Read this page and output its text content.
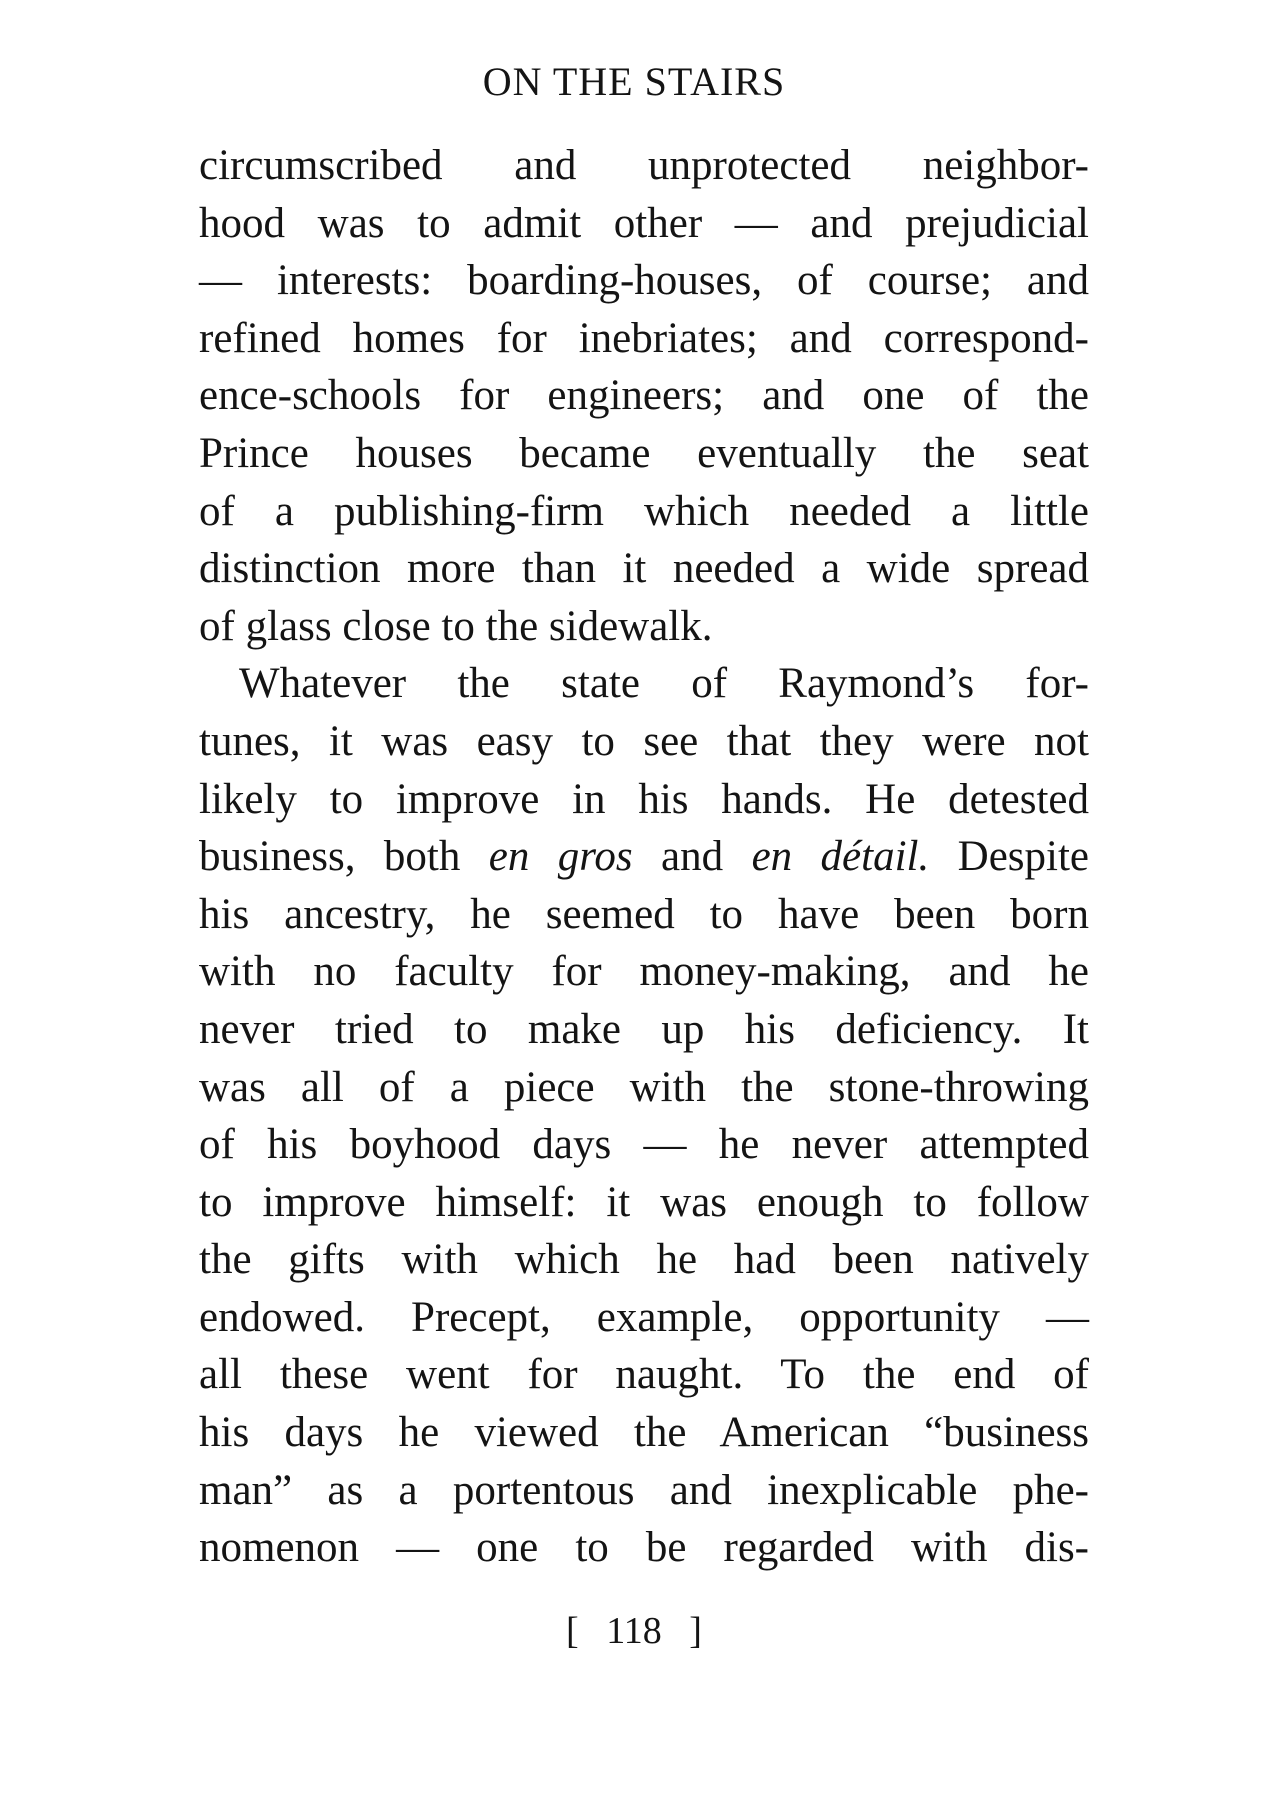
ON THE STAIRS
circumscribed and unprotected neighbor-
hood was to admit other — and prejudicial
— interests: boarding-houses, of course; and
refined homes for inebriates; and correspond-
ence-schools for engineers; and one of the
Prince houses became eventually the seat
of a publishing-firm which needed a little
distinction more than it needed a wide spread
of glass close to the sidewalk.
Whatever the state of Raymond’s for-
tunes, it was easy to see that they were not
likely to improve in his hands. He detested
business, both en gros and en détail. Despite
his ancestry, he seemed to have been born
with no faculty for money-making, and he
never tried to make up his deficiency. It
was all of a piece with the stone-throwing
of his boyhood days — he never attempted
to improve himself: it was enough to follow
the gifts with which he had been natively
endowed. Precept, example, opportunity —
all these went for naught. To the end of
his days he viewed the American “business
man” as a portentous and inexplicable phe-
nomenon — one to be regarded with dis-
[ 118 ]
